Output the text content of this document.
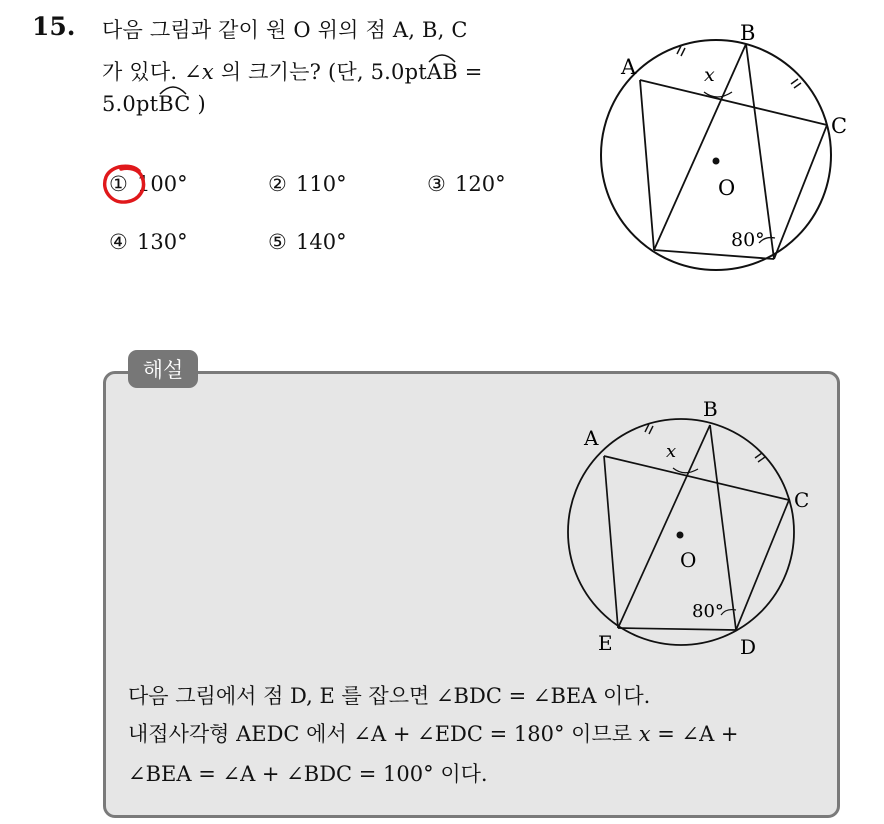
15. 다음 그림과 같이 원 O 위의 점 A, B, C
가 있다. ∠x 의 크기는? (단, 5.0pt
AB =
5.0pt
BC )
① 100°	② 110°	③ 120°
④ 130°	⑤ 140°
B
A
C
O
x
80°
해설
B
A
C
O
x
80°
E	D
다음 그림에서 점 D, E 를 잡으면 ∠BDC = ∠BEA 이다.
내접사각형 AEDC 에서 ∠A + ∠EDC = 180° 이므로 x = ∠A +
∠BEA = ∠A + ∠BDC = 100° 이다.
